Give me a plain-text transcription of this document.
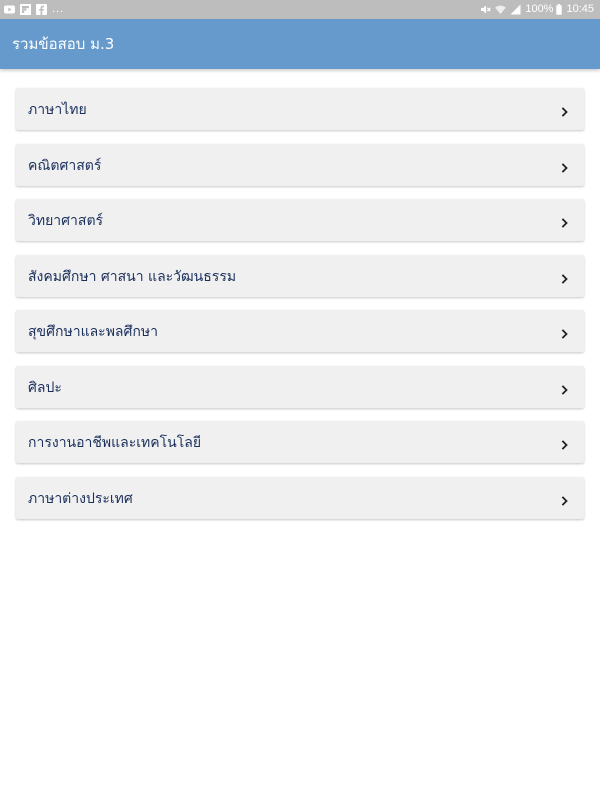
...	100% 10:45
รวมข้อสอบ ม.3
ภาษาไทย
คณิตศาสตร์
วิทยาศาสตร์
สังคมศึกษา ศาสนา และวัฒนธรรม
สุขศึกษาและพลศึกษา
ศิลปะ
การงานอาชีพและเทคโนโลยี
ภาษาต่างประเทศ
